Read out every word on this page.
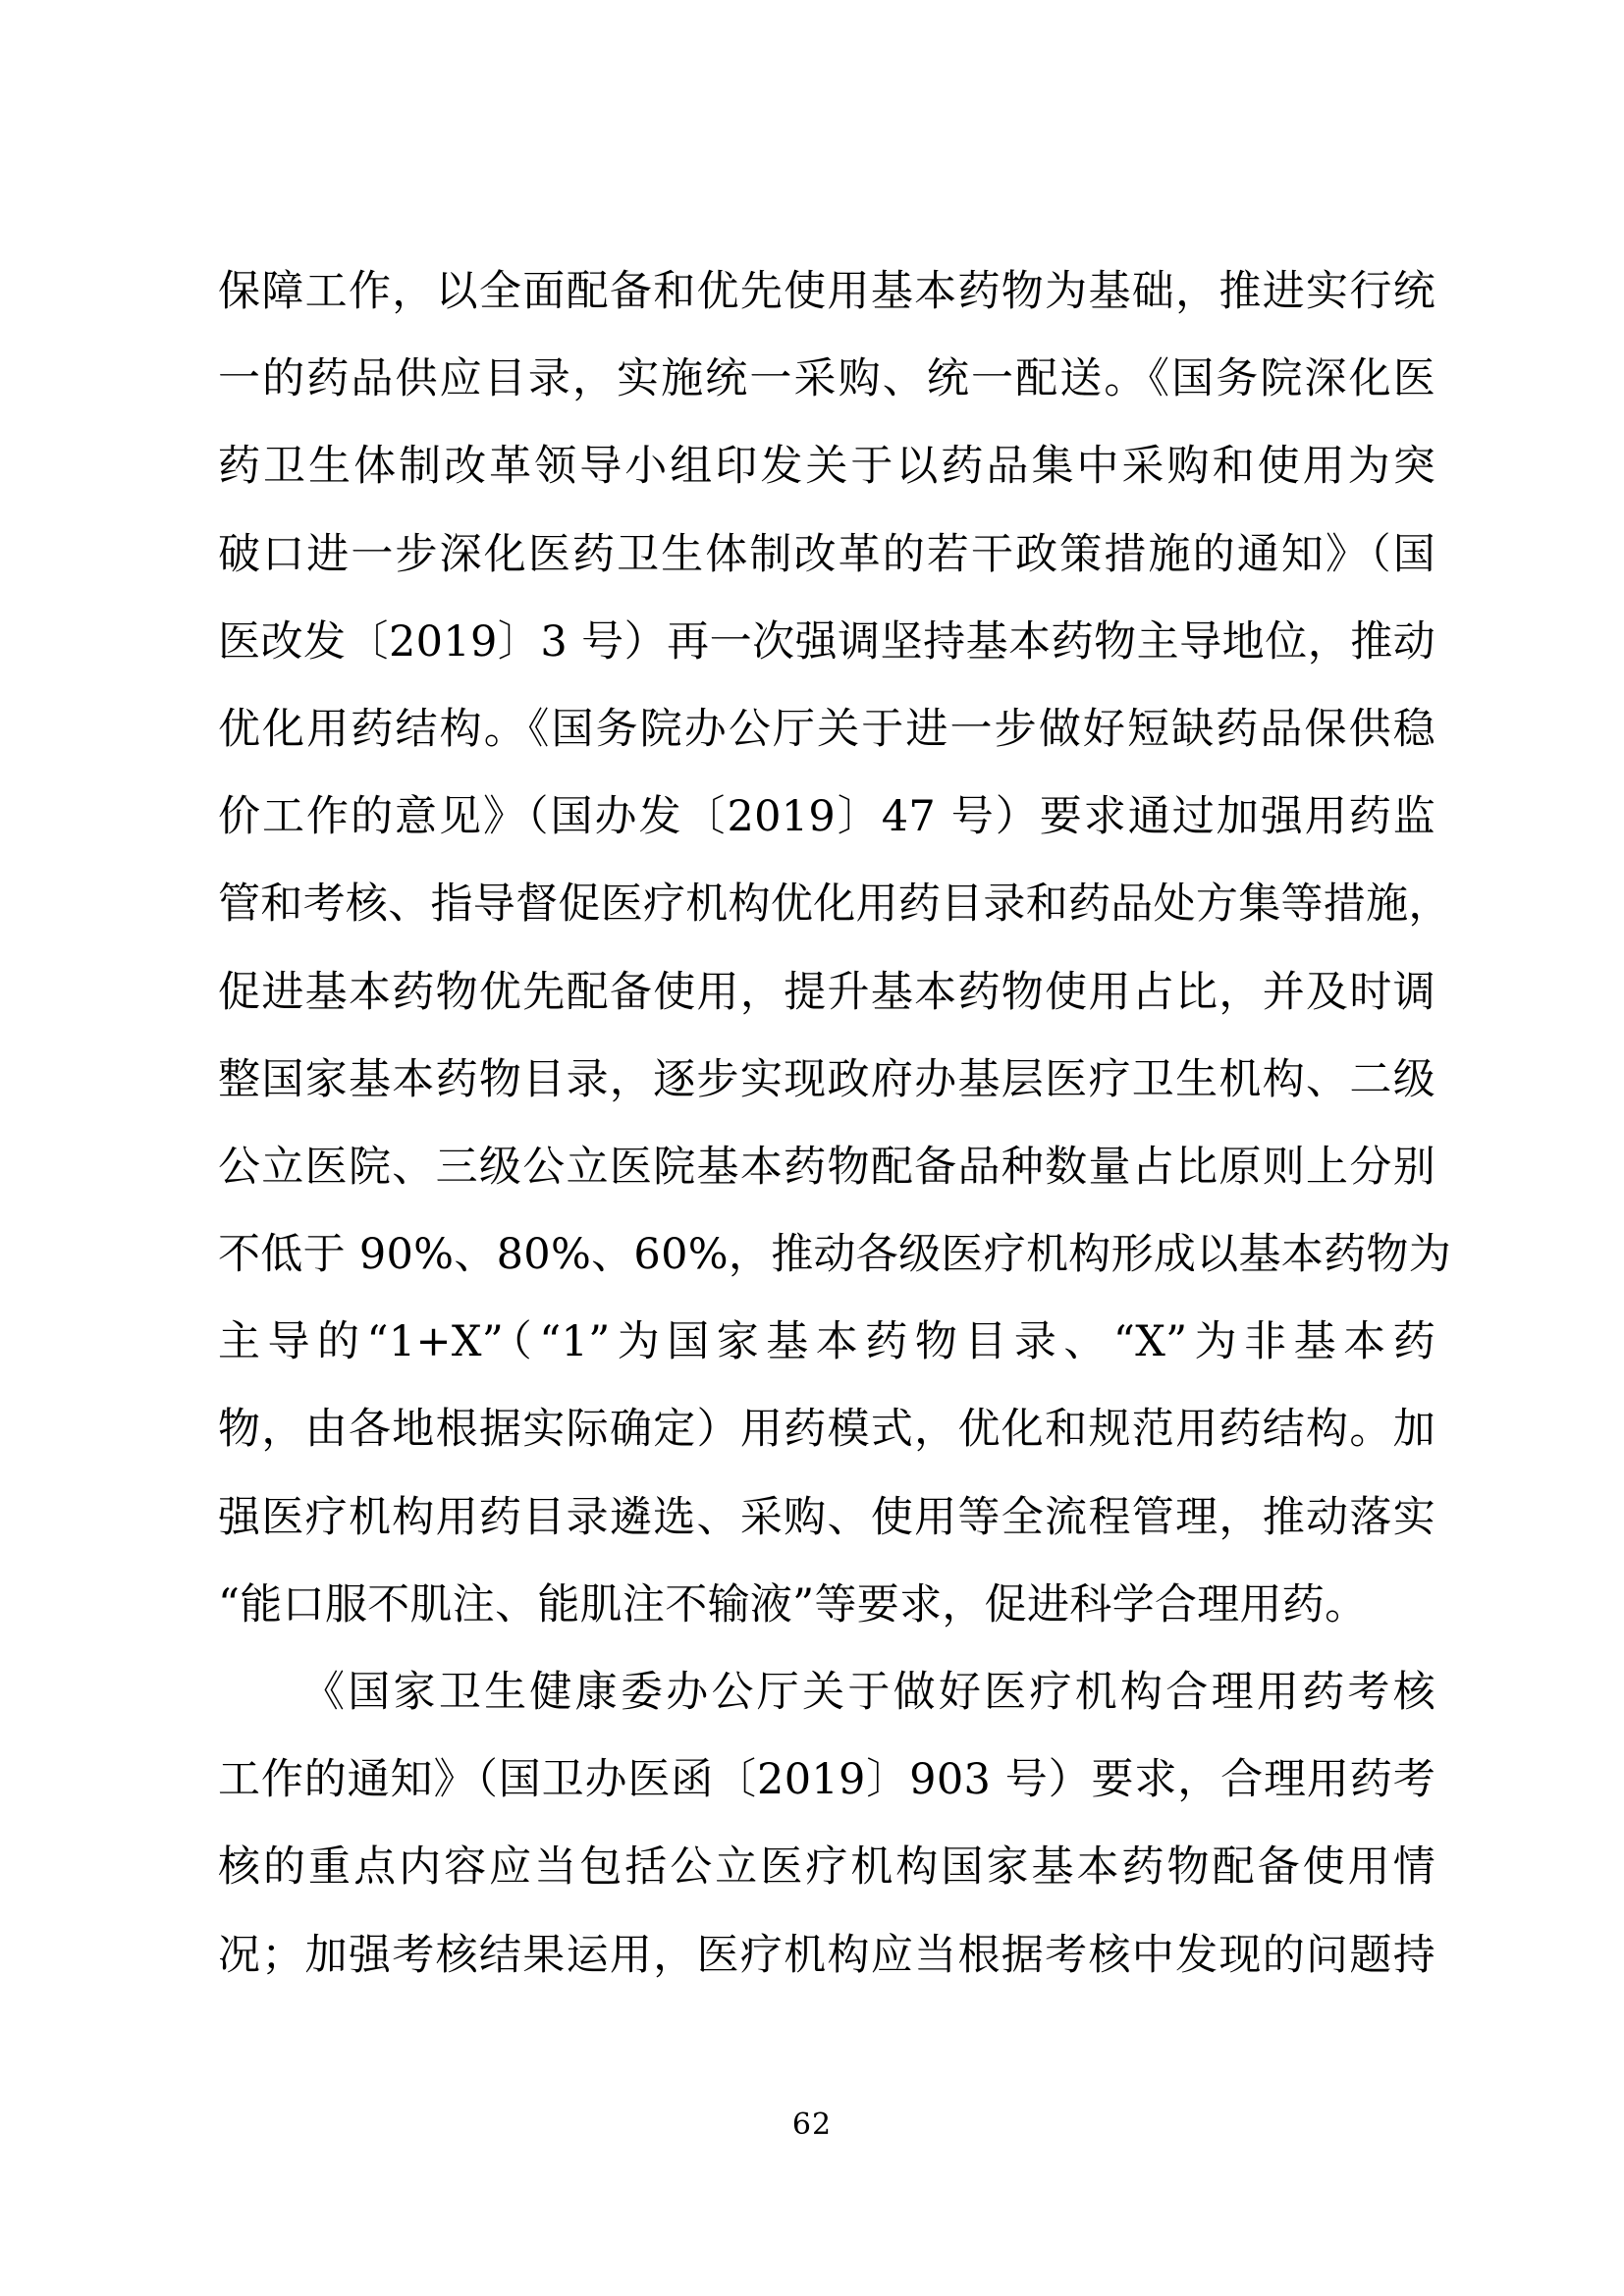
保障工作，以全面配备和优先使用基本药物为基础，推进实行统
一的药品供应目录，实施统一采购、统一配送。《国务院深化医
药卫生体制改革领导小组印发关于以药品集中采购和使用为突
破口进一步深化医药卫生体制改革的若干政策措施的通知》（国
医改发〔2019〕3 号）再一次强调坚持基本药物主导地位，推动
优化用药结构。《国务院办公厅关于进一步做好短缺药品保供稳
价工作的意见》（国办发〔2019〕47 号）要求通过加强用药监
管和考核、指导督促医疗机构优化用药目录和药品处方集等措施，
促进基本药物优先配备使用，提升基本药物使用占比，并及时调
整国家基本药物目录，逐步实现政府办基层医疗卫生机构、二级
公立医院、三级公立医院基本药物配备品种数量占比原则上分别
不低于 90%、80%、60%，推动各级医疗机构形成以基本药物为
主导的“1+X”（“1”为国家基本药物目录、“X”为非基本药
物，由各地根据实际确定）用药模式，优化和规范用药结构。加
强医疗机构用药目录遴选、采购、使用等全流程管理，推动落实
“能口服不肌注、能肌注不输液”等要求，促进科学合理用药。
《国家卫生健康委办公厅关于做好医疗机构合理用药考核
工作的通知》（国卫办医函〔2019〕903 号）要求，合理用药考
核的重点内容应当包括公立医疗机构国家基本药物配备使用情
况；加强考核结果运用，医疗机构应当根据考核中发现的问题持
62
